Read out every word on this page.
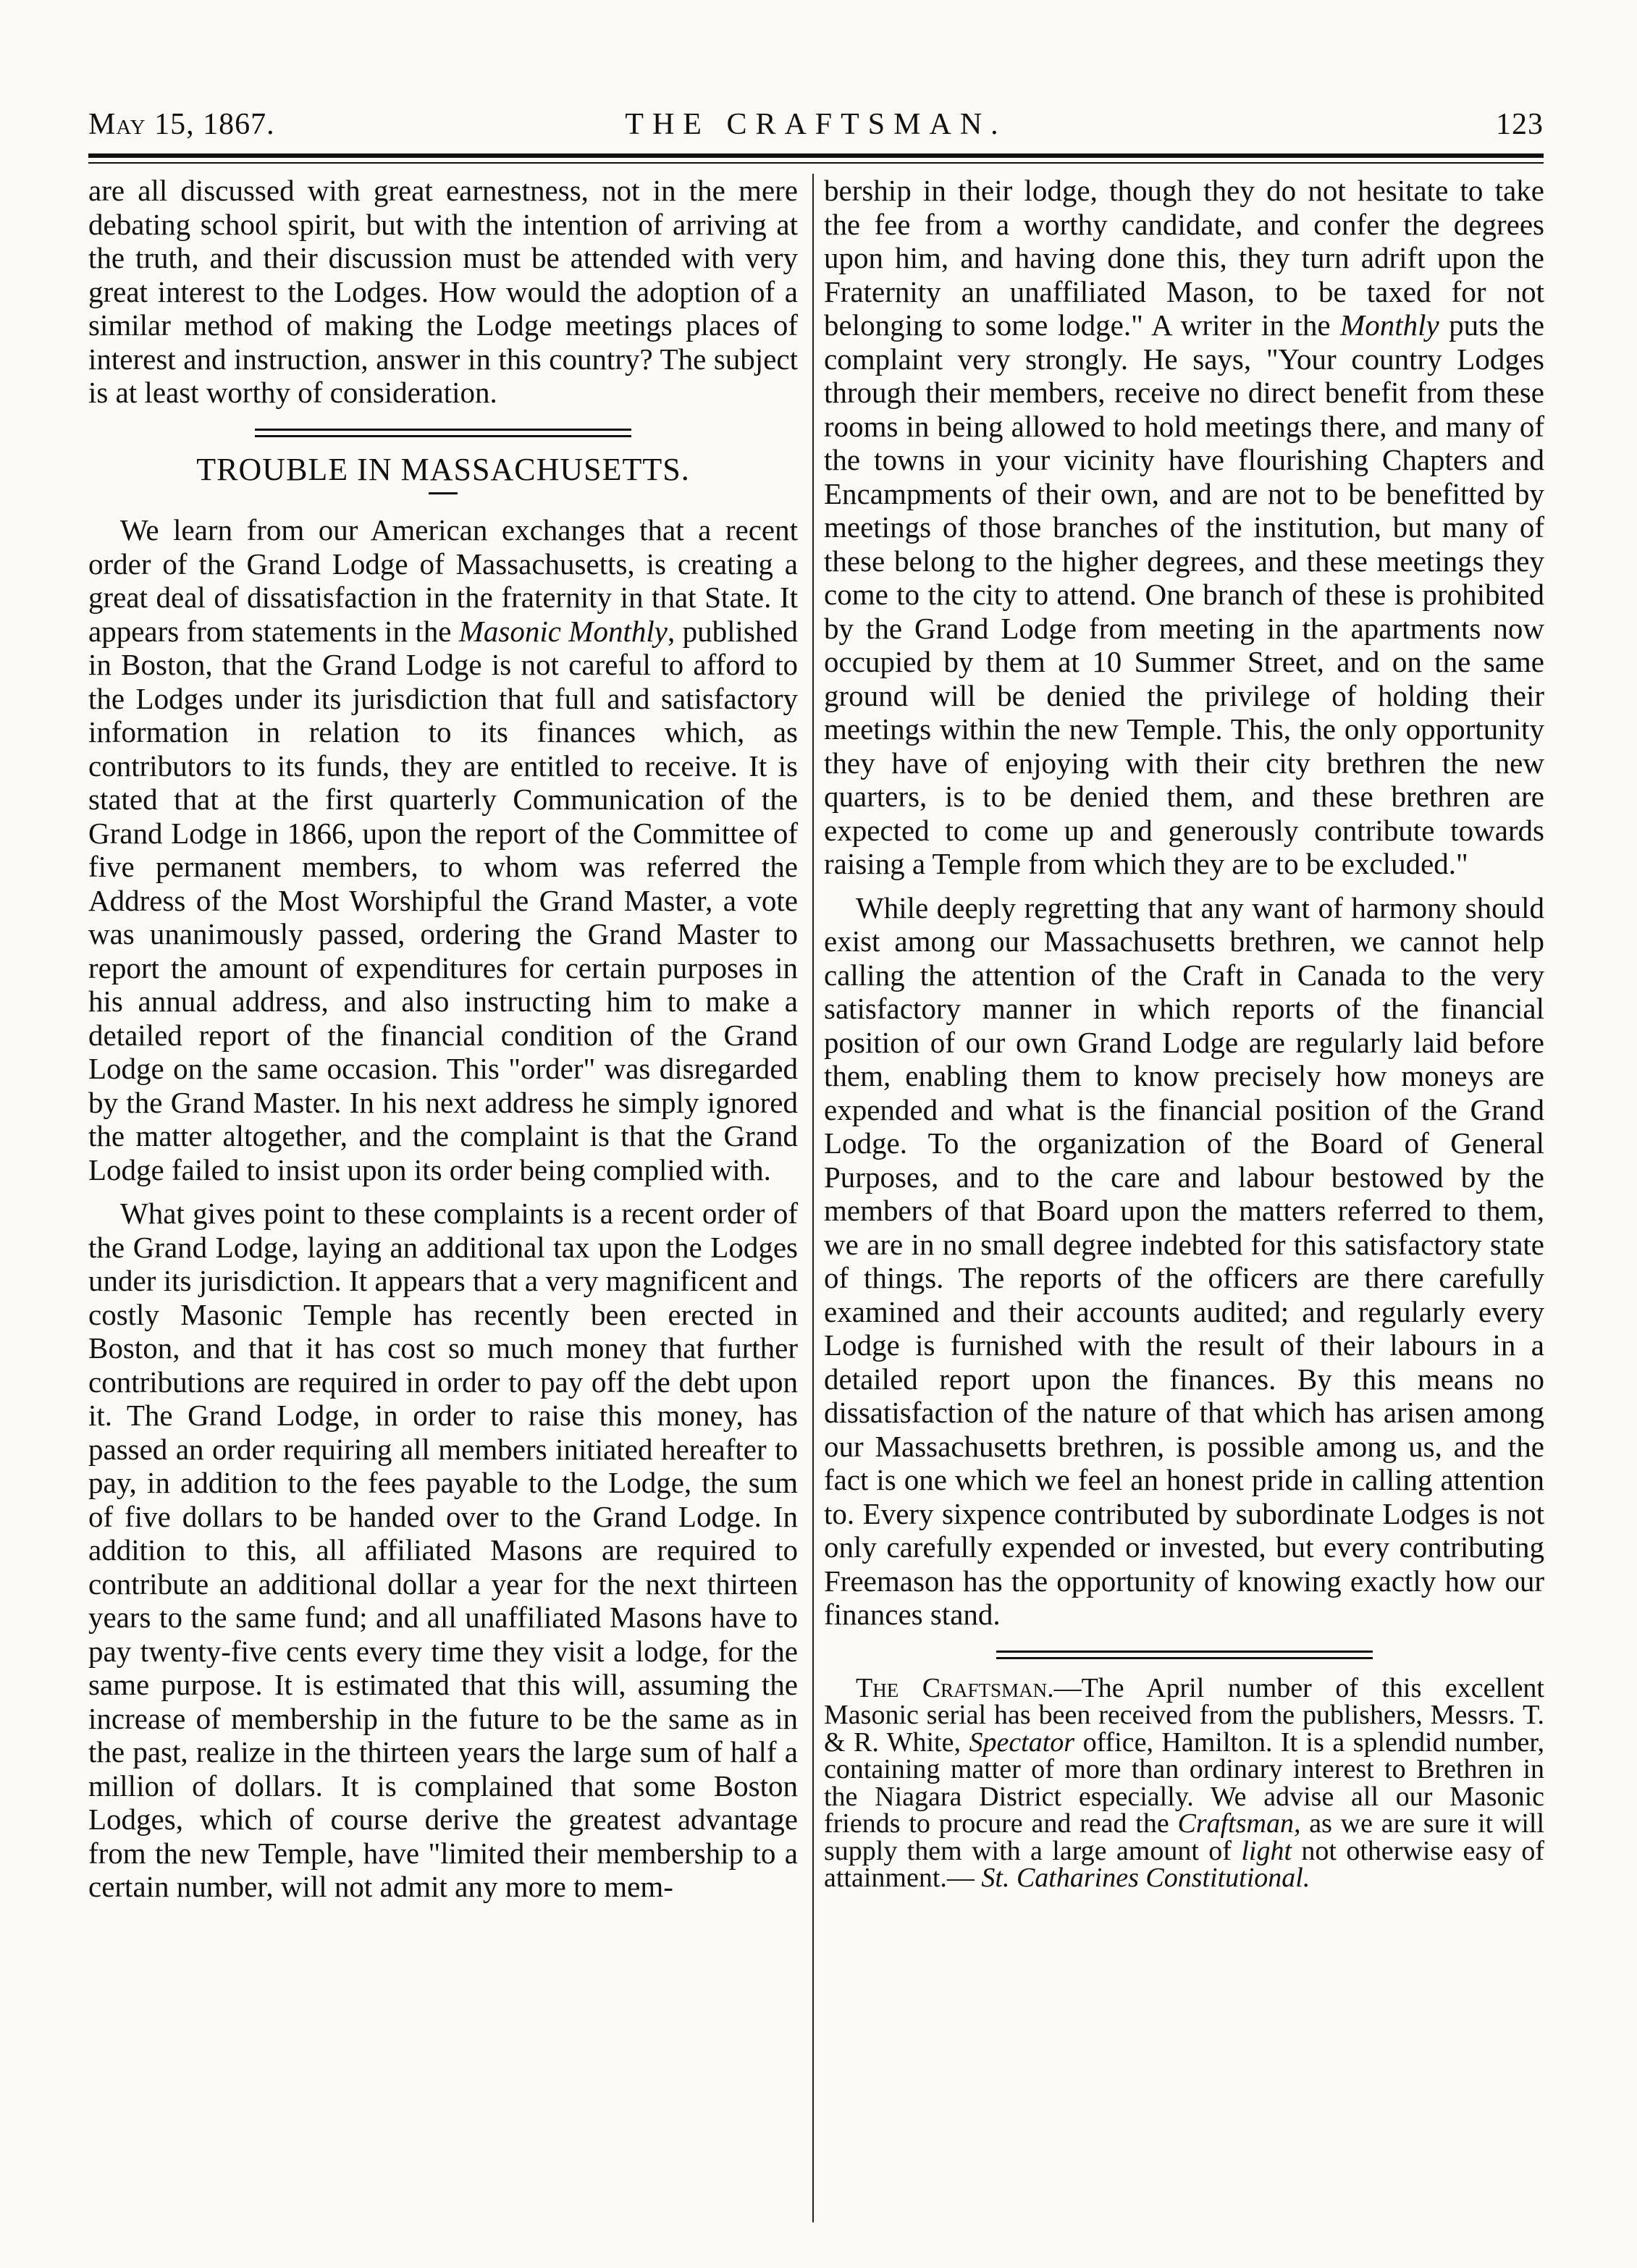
May 15, 1867.	THE CRAFTSMAN.	123

are all discussed with great earnestness, not in the mere debating school spirit, but with the intention of arriving at the truth, and their discussion must be attended with very great interest to the Lodges. How would the adoption of a similar method of making the Lodge meetings places of interest and instruction, answer in this country? The subject is at least worthy of consideration.

TROUBLE IN MASSACHUSETTS.

We learn from our American exchanges that a recent order of the Grand Lodge of Massachusetts, is creating a great deal of dissatisfaction in the fraternity in that State. It appears from statements in the Masonic Monthly, published in Boston, that the Grand Lodge is not careful to afford to the Lodges under its jurisdiction that full and satisfactory information in relation to its finances which, as contributors to its funds, they are entitled to receive. It is stated that at the first quarterly Communication of the Grand Lodge in 1866, upon the report of the Committee of five permanent members, to whom was referred the Address of the Most Worshipful the Grand Master, a vote was unanimously passed, ordering the Grand Master to report the amount of expenditures for certain purposes in his annual address, and also instructing him to make a detailed report of the financial condition of the Grand Lodge on the same occasion. This "order" was disregarded by the Grand Master. In his next address he simply ignored the matter altogether, and the complaint is that the Grand Lodge failed to insist upon its order being complied with.

What gives point to these complaints is a recent order of the Grand Lodge, laying an additional tax upon the Lodges under its jurisdiction. It appears that a very magnificent and costly Masonic Temple has recently been erected in Boston, and that it has cost so much money that further contributions are required in order to pay off the debt upon it. The Grand Lodge, in order to raise this money, has passed an order requiring all members initiated hereafter to pay, in addition to the fees payable to the Lodge, the sum of five dollars to be handed over to the Grand Lodge. In addition to this, all affiliated Masons are required to contribute an additional dollar a year for the next thirteen years to the same fund; and all unaffiliated Masons have to pay twenty-five cents every time they visit a lodge, for the same purpose. It is estimated that this will, assuming the increase of membership in the future to be the same as in the past, realize in the thirteen years the large sum of half a million of dollars. It is complained that some Boston Lodges, which of course derive the greatest advantage from the new Temple, have "limited their membership to a certain number, will not admit any more to mem-

bership in their lodge, though they do not hesitate to take the fee from a worthy candidate, and confer the degrees upon him, and having done this, they turn adrift upon the Fraternity an unaffiliated Mason, to be taxed for not belonging to some lodge." A writer in the Monthly puts the complaint very strongly. He says, "Your country Lodges through their members, receive no direct benefit from these rooms in being allowed to hold meetings there, and many of the towns in your vicinity have flourishing Chapters and Encampments of their own, and are not to be benefitted by meetings of those branches of the institution, but many of these belong to the higher degrees, and these meetings they come to the city to attend. One branch of these is prohibited by the Grand Lodge from meeting in the apartments now occupied by them at 10 Summer Street, and on the same ground will be denied the privilege of holding their meetings within the new Temple. This, the only opportunity they have of enjoying with their city brethren the new quarters, is to be denied them, and these brethren are expected to come up and generously contribute towards raising a Temple from which they are to be excluded."

While deeply regretting that any want of harmony should exist among our Massachusetts brethren, we cannot help calling the attention of the Craft in Canada to the very satisfactory manner in which reports of the financial position of our own Grand Lodge are regularly laid before them, enabling them to know precisely how moneys are expended and what is the financial position of the Grand Lodge. To the organization of the Board of General Purposes, and to the care and labour bestowed by the members of that Board upon the matters referred to them, we are in no small degree indebted for this satisfactory state of things. The reports of the officers are there carefully examined and their accounts audited; and regularly every Lodge is furnished with the result of their labours in a detailed report upon the finances. By this means no dissatisfaction of the nature of that which has arisen among our Massachusetts brethren, is possible among us, and the fact is one which we feel an honest pride in calling attention to. Every sixpence contributed by subordinate Lodges is not only carefully expended or invested, but every contributing Freemason has the opportunity of knowing exactly how our finances stand.

The Craftsman.—The April number of this excellent Masonic serial has been received from the publishers, Messrs. T. & R. White, Spectator office, Hamilton. It is a splendid number, containing matter of more than ordinary interest to Brethren in the Niagara District especially. We advise all our Masonic friends to procure and read the Craftsman, as we are sure it will supply them with a large amount of light not otherwise easy of attainment.— St. Catharines Constitutional.
